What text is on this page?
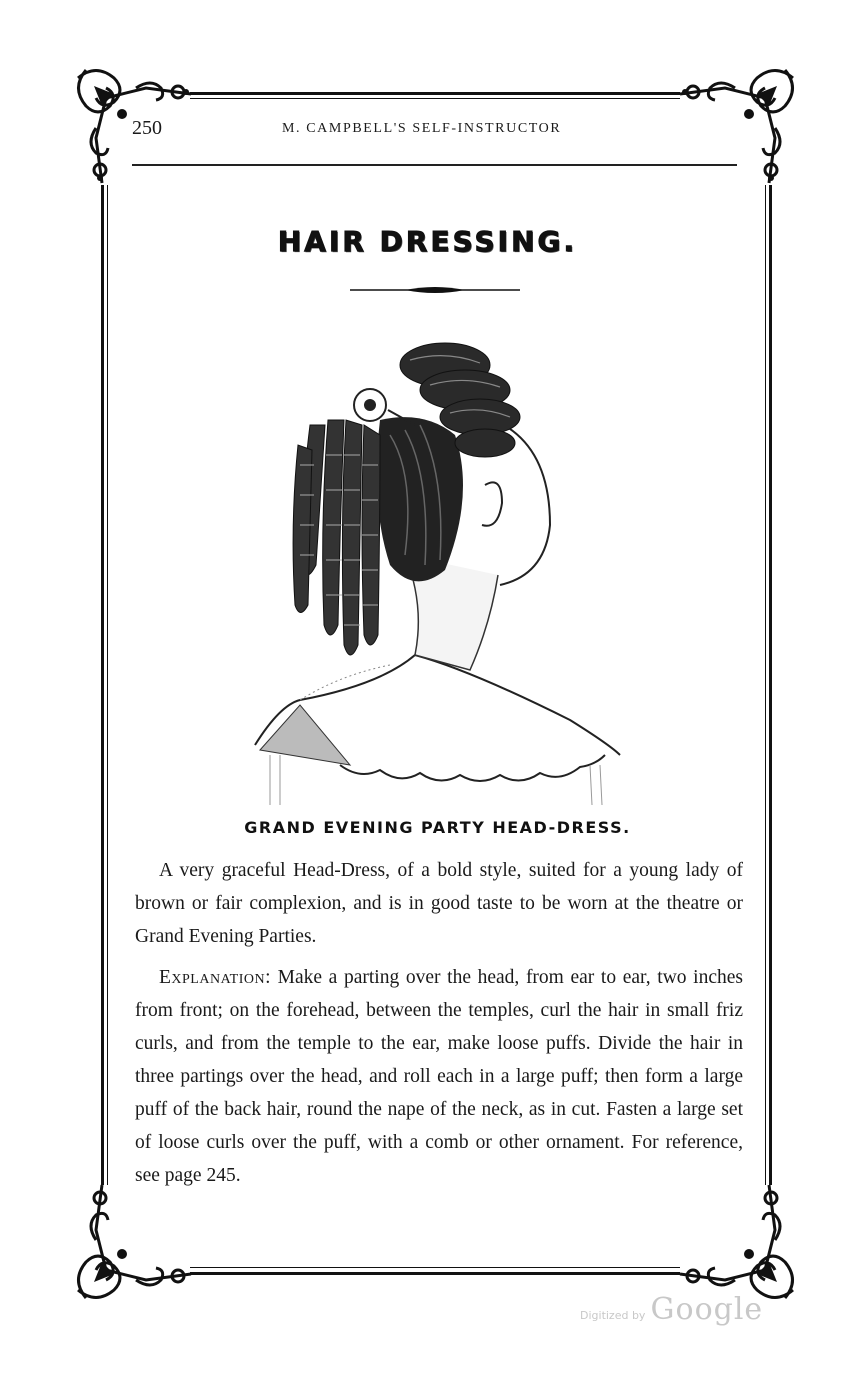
250	M. CAMPBELL'S SELF-INSTRUCTOR
HAIR DRESSING.
GRAND EVENING PARTY HEAD-DRESS.

A very graceful Head-Dress, of a bold style, suited for a young lady of brown or fair complexion, and is in good taste to be worn at the theatre or Grand Evening Parties.

Explanation: Make a parting over the head, from ear to ear, two inches from front; on the forehead, between the temples, curl the hair in small friz curls, and from the temple to the ear, make loose puffs. Divide the hair in three partings over the head, and roll each in a large puff; then form a large puff of the back hair, round the nape of the neck, as in cut. Fasten a large set of loose curls over the puff, with a comb or other ornament. For reference, see page 245.

Digitized by Google
